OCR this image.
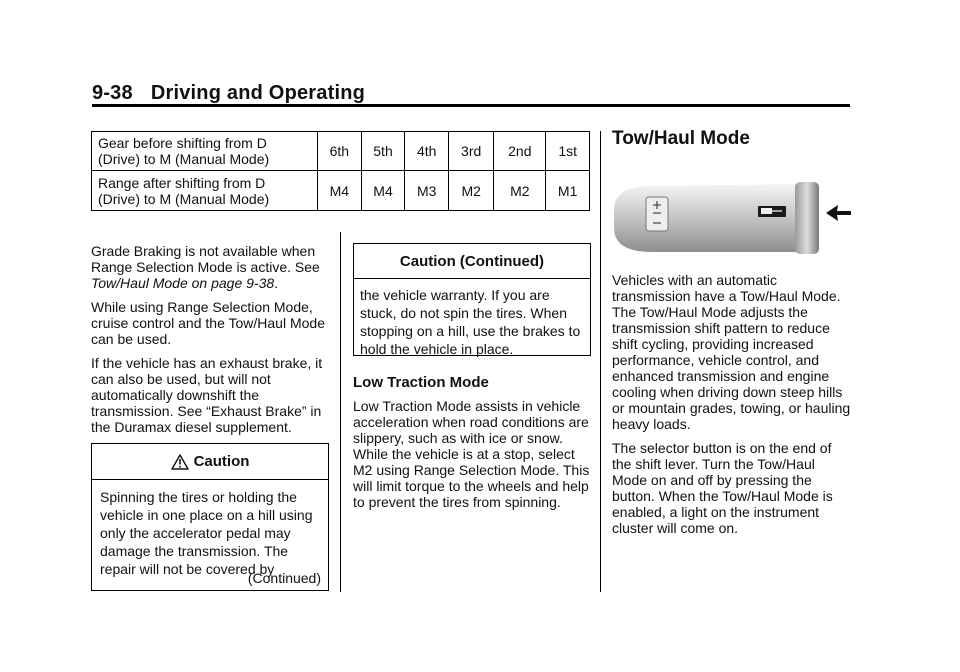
9-38 Driving and Operating
Gear before shifting from D (Drive) to M (Manual Mode)	6th	5th	4th	3rd	2nd	1st
Range after shifting from D (Drive) to M (Manual Mode)	M4	M4	M3	M2	M2	M1

Grade Braking is not available when Range Selection Mode is active. See Tow/Haul Mode on page 9-38.

While using Range Selection Mode, cruise control and the Tow/Haul Mode can be used.

If the vehicle has an exhaust brake, it can also be used, but will not automatically downshift the transmission. See “Exhaust Brake” in the Duramax diesel supplement.

Caution
Spinning the tires or holding the vehicle in one place on a hill using only the accelerator pedal may damage the transmission. The repair will not be covered by
(Continued)
Caution (Continued)
the vehicle warranty. If you are stuck, do not spin the tires. When stopping on a hill, use the brakes to hold the vehicle in place.
Low Traction Mode
Low Traction Mode assists in vehicle acceleration when road conditions are slippery, such as with ice or snow. While the vehicle is at a stop, select M2 using Range Selection Mode. This will limit torque to the wheels and help to prevent the tires from spinning.
Tow/Haul Mode

Vehicles with an automatic transmission have a Tow/Haul Mode. The Tow/Haul Mode adjusts the transmission shift pattern to reduce shift cycling, providing increased performance, vehicle control, and enhanced transmission and engine cooling when driving down steep hills or mountain grades, towing, or hauling heavy loads.

The selector button is on the end of the shift lever. Turn the Tow/Haul Mode on and off by pressing the button. When the Tow/Haul Mode is enabled, a light on the instrument cluster will come on.
